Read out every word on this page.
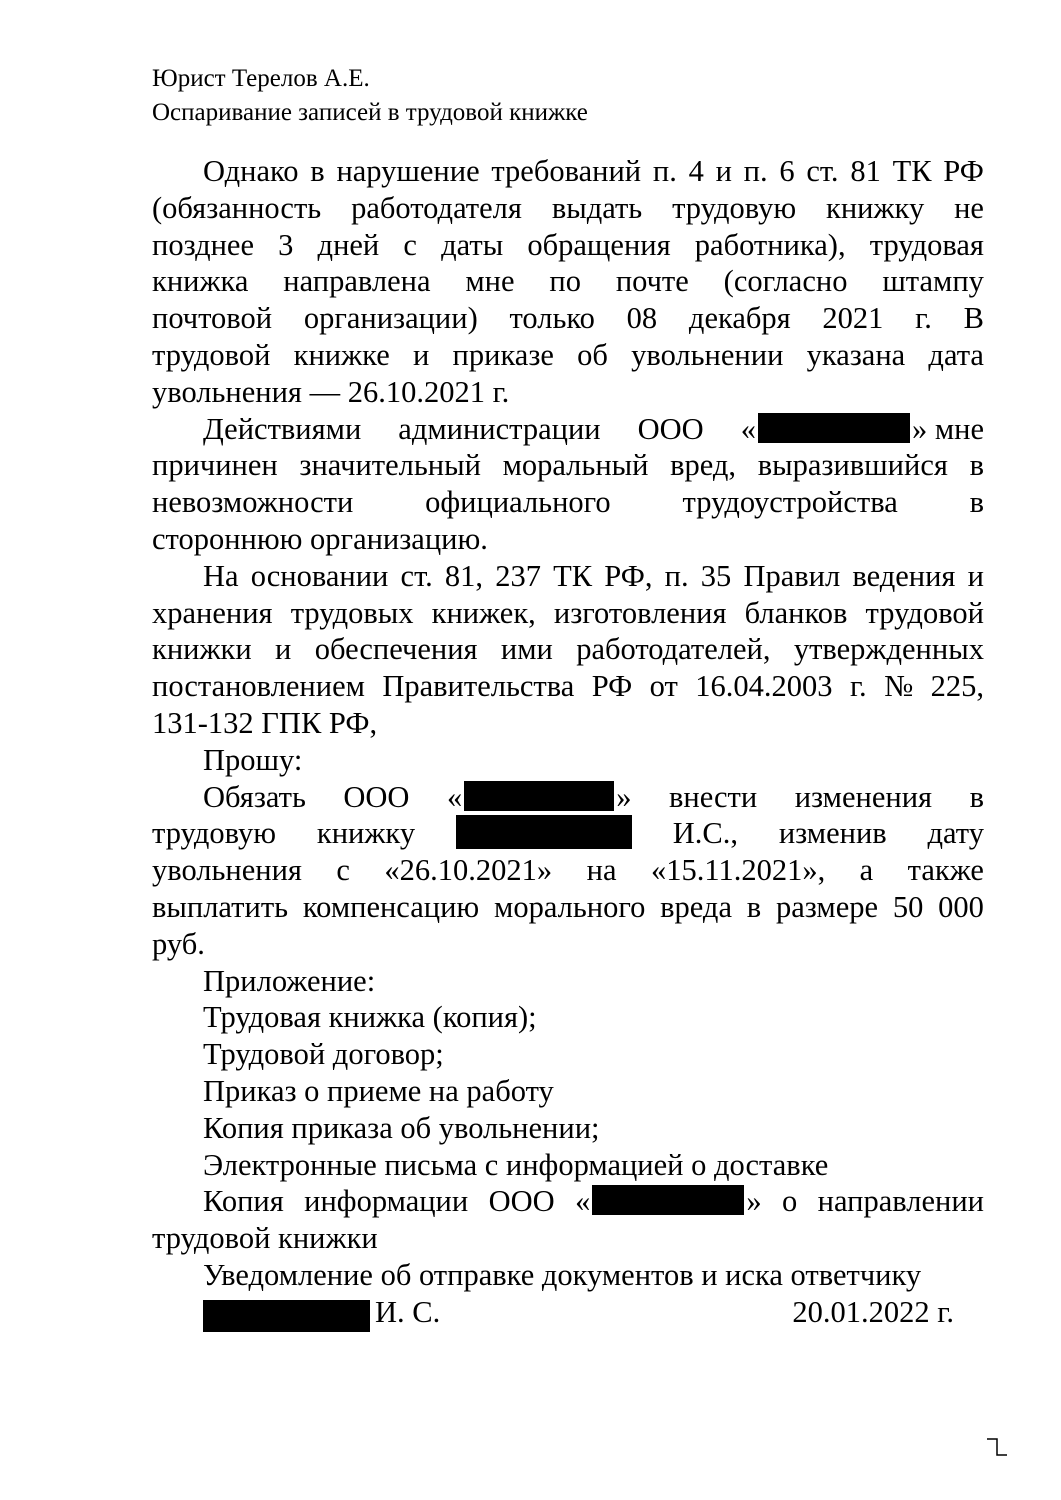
Юрист Терелов А.Е.
Оспаривание записей в трудовой книжке
Однако в нарушение требований п. 4 и п. 6 ст. 81 ТК РФ
(обязанность работодателя выдать трудовую книжку не
позднее 3 дней с даты обращения работника), трудовая
книжка направлена мне по почте (согласно штампу
почтовой организации) только 08 декабря 2021 г. В
трудовой книжке и приказе об увольнении указана дата
увольнения — 26.10.2021 г.
Действиями администрации ООО «	» мне
причинен значительный моральный вред, выразившийся в
невозможности официального трудоустройства в
стороннюю организацию.
На основании ст. 81, 237 ТК РФ, п. 35 Правил ведения и
хранения трудовых книжек, изготовления бланков трудовой
книжки и обеспечения ими работодателей, утвержденных
постановлением Правительства РФ от 16.04.2003 г. № 225,
131-132 ГПК РФ,
Прошу:
Обязать ООО «	» внести изменения в
трудовую книжку	И.С., изменив дату
увольнения с «26.10.2021» на «15.11.2021», а также
выплатить компенсацию морального вреда в размере 50 000
руб.
Приложение:
Трудовая книжка (копия);
Трудовой договор;
Приказ о приеме на работу
Копия приказа об увольнении;
Электронные письма с информацией о доставке
Копия информации ООО «	» о направлении
трудовой книжки
Уведомление об отправке документов и иска ответчику
И. С.	20.01.2022 г.
